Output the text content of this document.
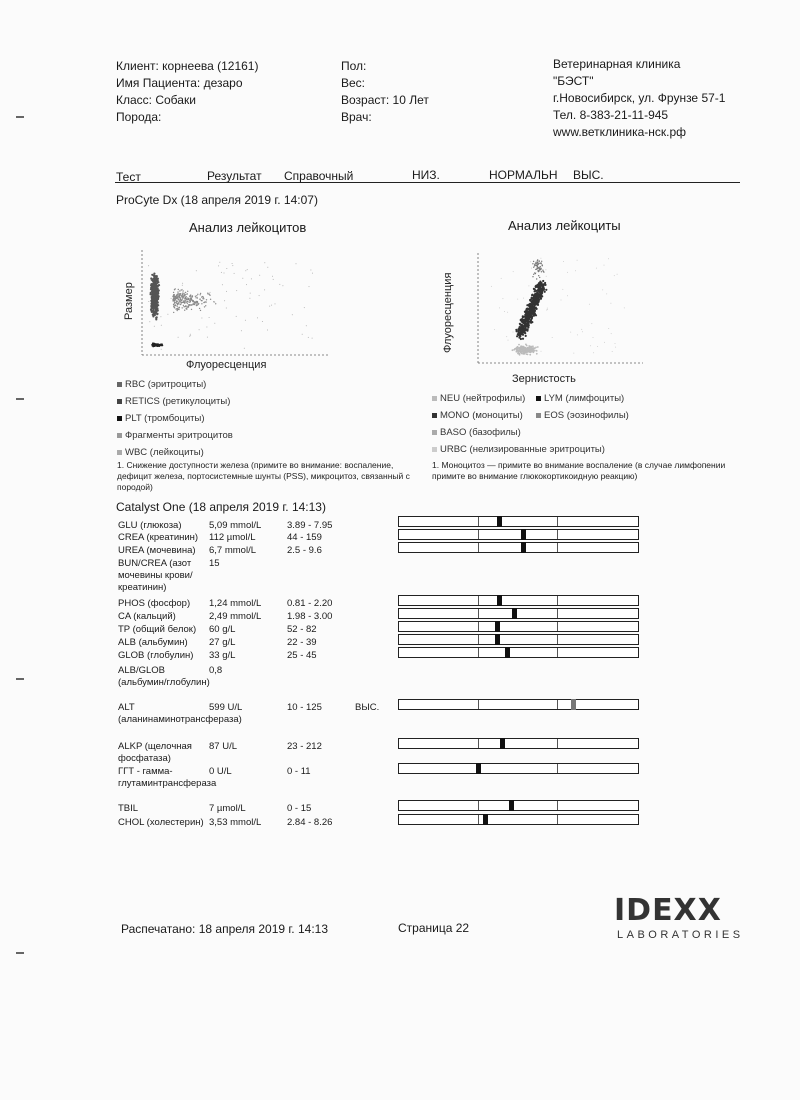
Клиент: корнеева (12161)
Имя Пациента: дезаро
Класс: Собаки
Порода:
Пол:
Вес:
Возраст: 10 Лет
Врач:
Ветеринарная клиника
"БЭСТ"
г.Новосибирск, ул. Фрунзе 57-1
Тел. 8-383-21-11-945
www.ветклиника-нск.рф
Тест	Результат Справочный	НИЗ.	НОРМАЛЬН ВЫС.
ProCyte Dx (18 апреля 2019 г. 14:07)
Анализ лейкоцитов	Анализ лейкоциты
Размер
Флуоресценция
Флуоресценция
Зернистость
RBC (эритроциты)
RETICS (ретикулоциты)
PLT (тромбоциты)
Фрагменты эритроцитов
WBC (лейкоциты)
1. Снижение доступности железа (примите во внимание: воспаление, дефицит железа, портосистемные шунты (PSS), микроцитоз, связанный с породой)
NEU (нейтрофилы)	LYM (лимфоциты)
MONO (моноциты)	EOS (эозинофилы)
BASO (базофилы)
URBC (нелизированные эритроциты)
1. Моноцитоз — примите во внимание воспаление (в случае лимфопении примите во внимание глюкокортикоидную реакцию)
Catalyst One (18 апреля 2019 г. 14:13)
GLU (глюкоза)	5,09 mmol/L	3.89 - 7.95
CREA (креатинин)	112 µmol/L	44 - 159
UREA (мочевина)	6,7 mmol/L	2.5 - 9.6
BUN/CREA (азот мочевины крови/креатинин)
15
PHOS (фосфор)	1,24 mmol/L	0.81 - 2.20
CA (кальций)	2,49 mmol/L	1.98 - 3.00
TP (общий белок)	60 g/L	52 - 82
ALB (альбумин)	27 g/L	22 - 39
GLOB (глобулин)	33 g/L	25 - 45
ALB/GLOB (альбумин/глобулин)
0,8
ALT (аланинаминотрансфераза)
599 U/L	10 - 125	ВЫС.
ALKP (щелочная фосфатаза)
87 U/L	23 - 212
ГГТ - гамма-глутаминтрансфераза
0 U/L	0 - 11
TBIL	7 µmol/L	0 - 15
CHOL (холестерин) 3,53 mmol/L	2.84 - 8.26
Распечатано: 18 апреля 2019 г. 14:13	Страница 22	IDEXX
LABORATORIES
